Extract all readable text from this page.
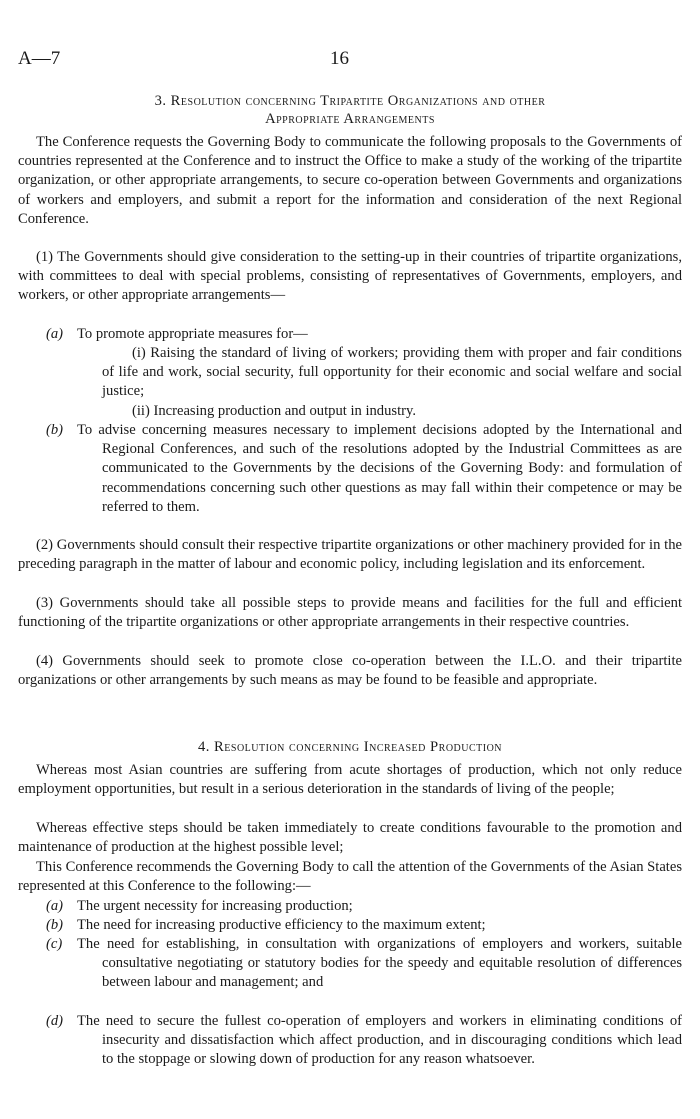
A—7	16
3. Resolution concerning Tripartite Organizations and other
Appropriate Arrangements
The Conference requests the Governing Body to communicate the following proposals to the Governments of countries represented at the Conference and to instruct the Office to make a study of the working of the tripartite organization, or other appropriate arrangements, to secure co-operation between Governments and organizations of workers and employers, and submit a report for the information and consideration of the next Regional Conference.
(1) The Governments should give consideration to the setting-up in their countries of tripartite organizations, with committees to deal with special problems, consisting of representatives of Governments, employers, and workers, or other appropriate arrangements—
(a) To promote appropriate measures for—
(i) Raising the standard of living of workers; providing them with proper and fair conditions of life and work, social security, full opportunity for their economic and social welfare and social justice;
(ii) Increasing production and output in industry.
(b) To advise concerning measures necessary to implement decisions adopted by the International and Regional Conferences, and such of the resolutions adopted by the Industrial Committees as are communicated to the Governments by the decisions of the Governing Body: and formulation of recommendations concerning such other questions as may fall within their competence or may be referred to them.
(2) Governments should consult their respective tripartite organizations or other machinery provided for in the preceding paragraph in the matter of labour and economic policy, including legislation and its enforcement.
(3) Governments should take all possible steps to provide means and facilities for the full and efficient functioning of the tripartite organizations or other appropriate arrangements in their respective countries.
(4) Governments should seek to promote close co-operation between the I.L.O. and their tripartite organizations or other arrangements by such means as may be found to be feasible and appropriate.
4. Resolution concerning Increased Production
Whereas most Asian countries are suffering from acute shortages of production, which not only reduce employment opportunities, but result in a serious deterioration in the standards of living of the people;
Whereas effective steps should be taken immediately to create conditions favourable to the promotion and maintenance of production at the highest possible level;
This Conference recommends the Governing Body to call the attention of the Governments of the Asian States represented at this Conference to the following:—
(a) The urgent necessity for increasing production;
(b) The need for increasing productive efficiency to the maximum extent;
(c) The need for establishing, in consultation with organizations of employers and workers, suitable consultative negotiating or statutory bodies for the speedy and equitable resolution of differences between labour and management; and
(d) The need to secure the fullest co-operation of employers and workers in eliminating conditions of insecurity and dissatisfaction which affect production, and in discouraging conditions which lead to the stoppage or slowing down of production for any reason whatsoever.
